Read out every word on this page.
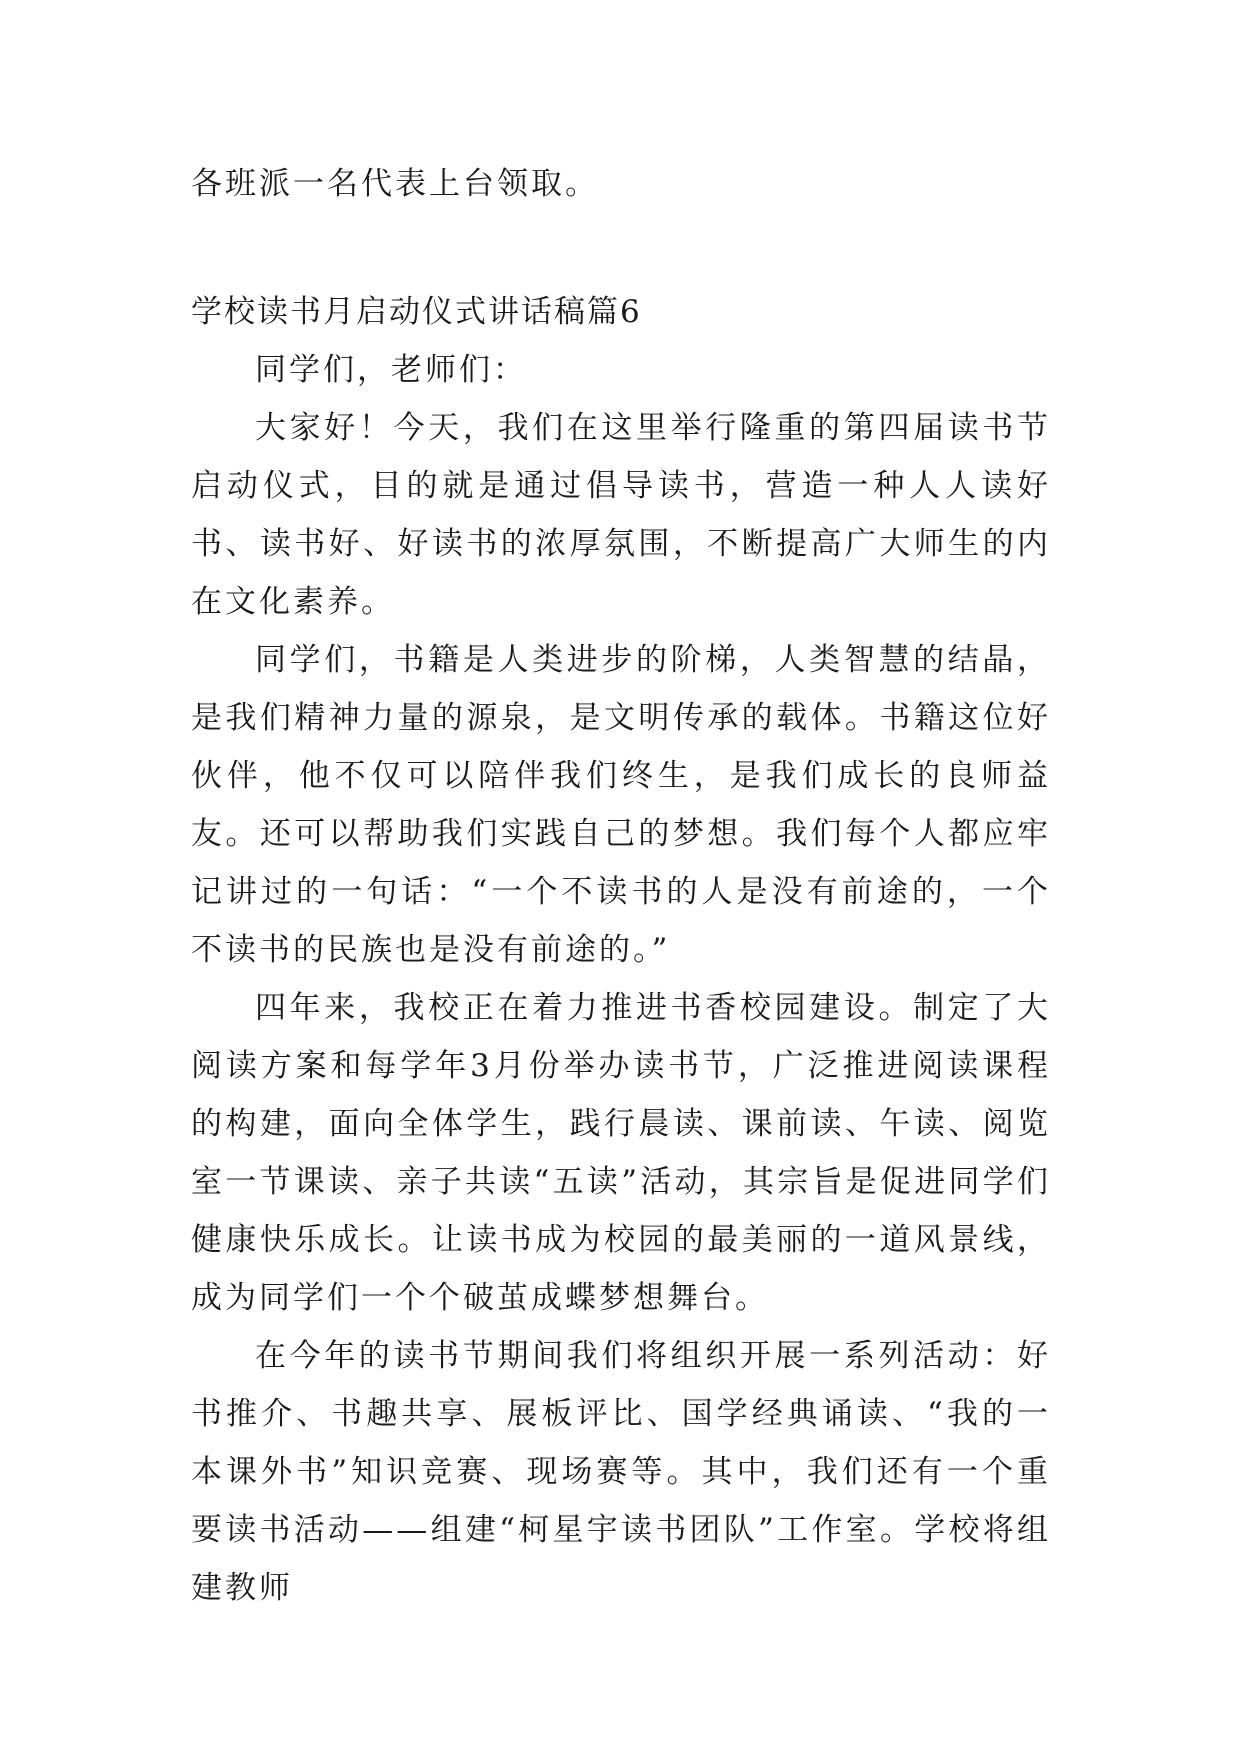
各班派一名代表上台领取。

学校读书月启动仪式讲话稿篇6

同学们，老师们：

大家好！今天，我们在这里举行隆重的第四届读书节启动仪式，目的就是通过倡导读书，营造一种人人读好书、读书好、好读书的浓厚氛围，不断提高广大师生的内在文化素养。

同学们，书籍是人类进步的阶梯，人类智慧的结晶，是我们精神力量的源泉，是文明传承的载体。书籍这位好伙伴，他不仅可以陪伴我们终生，是我们成长的良师益友。还可以帮助我们实践自己的梦想。我们每个人都应牢记讲过的一句话：“一个不读书的人是没有前途的，一个不读书的民族也是没有前途的。”

四年来，我校正在着力推进书香校园建设。制定了大阅读方案和每学年3月份举办读书节，广泛推进阅读课程的构建，面向全体学生，践行晨读、课前读、午读、阅览室一节课读、亲子共读“五读”活动，其宗旨是促进同学们健康快乐成长。让读书成为校园的最美丽的一道风景线，成为同学们一个个破茧成蝶梦想舞台。

在今年的读书节期间我们将组织开展一系列活动：好书推介、书趣共享、展板评比、国学经典诵读、“我的一本课外书”知识竞赛、现场赛等。其中，我们还有一个重要读书活动——组建“柯星宇读书团队”工作室。学校将组建教师
